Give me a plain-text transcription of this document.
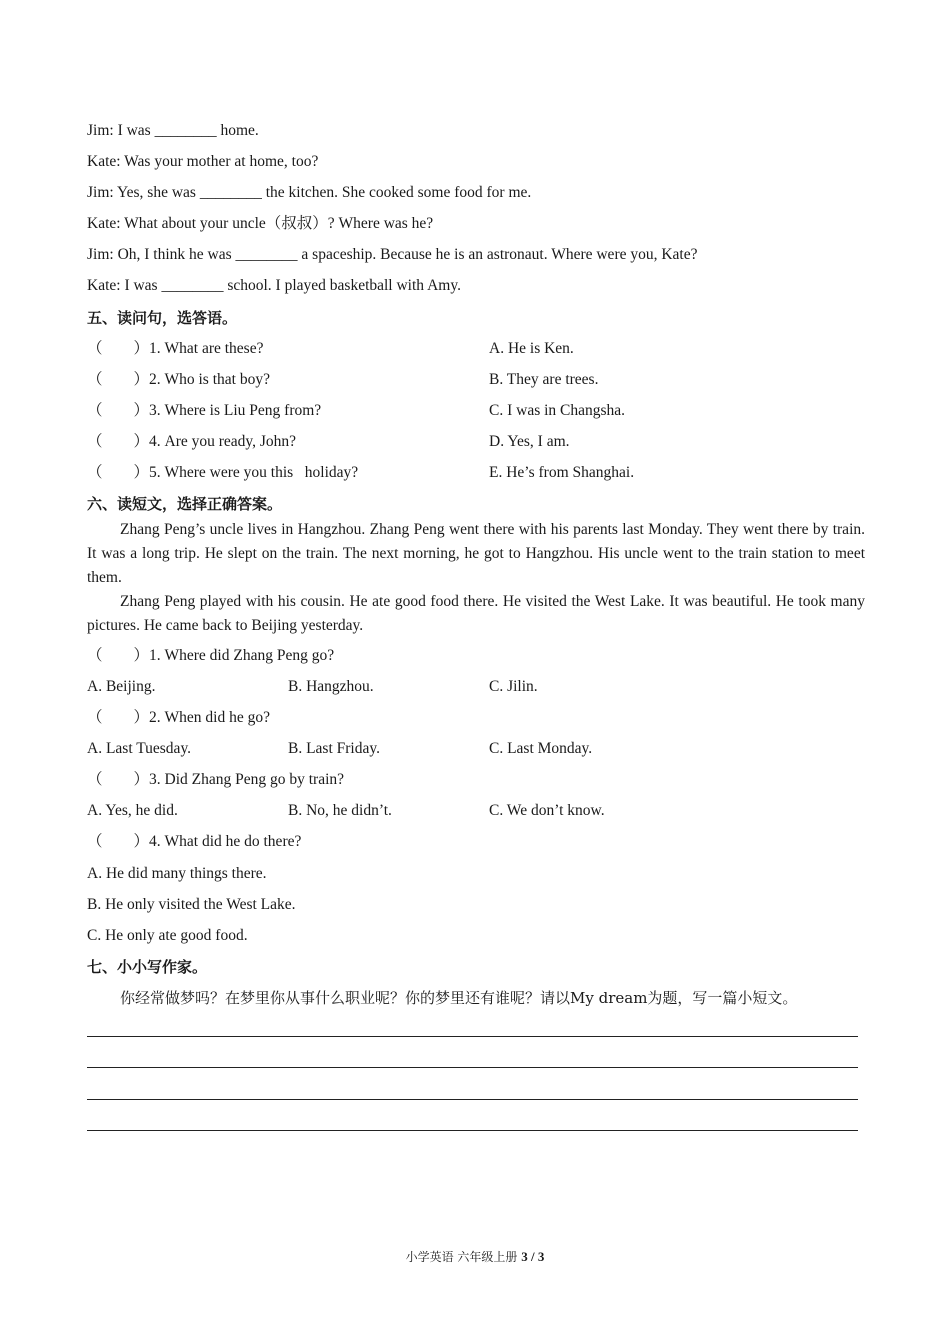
Jim: I was ________ home.
Kate: Was your mother at home, too?
Jim: Yes, she was ________ the kitchen. She cooked some food for me.
Kate: What about your uncle（叔叔）? Where was he?
Jim: Oh, I think he was ________ a spaceship. Because he is an astronaut. Where were you, Kate?
Kate: I was ________ school. I played basketball with Amy.
五、读问句，选答语。
（　　）1. What are these?	A. He is Ken.
（　　）2. Who is that boy?	B. They are trees.
（　　）3. Where is Liu Peng from?	C. I was in Changsha.
（　　）4. Are you ready, John?	D. Yes, I am.
（　　）5. Where were you this   holiday?	E. He’s from Shanghai.
六、读短文，选择正确答案。
Zhang Peng’s uncle lives in Hangzhou. Zhang Peng went there with his parents last Monday. They went there by train. It was a long trip. He slept on the train. The next morning, he got to Hangzhou. His uncle went to the train station to meet them.
Zhang Peng played with his cousin. He ate good food there. He visited the West Lake. It was beautiful. He took many pictures. He came back to Beijing yesterday.
（　　）1. Where did Zhang Peng go?
A. Beijing.	B. Hangzhou.	C. Jilin.
（　　）2. When did he go?
A. Last Tuesday.	B. Last Friday.	C. Last Monday.
（　　）3. Did Zhang Peng go by train?
A. Yes, he did.	B. No, he didn’t.	C. We don’t know.
（　　）4. What did he do there?
A. He did many things there.
B. He only visited the West Lake.
C. He only ate good food.
七、小小写作家。
你经常做梦吗？在梦里你从事什么职业呢？你的梦里还有谁呢？请以My dream为题，写一篇小短文。
小学英语 六年级上册 3 / 3
